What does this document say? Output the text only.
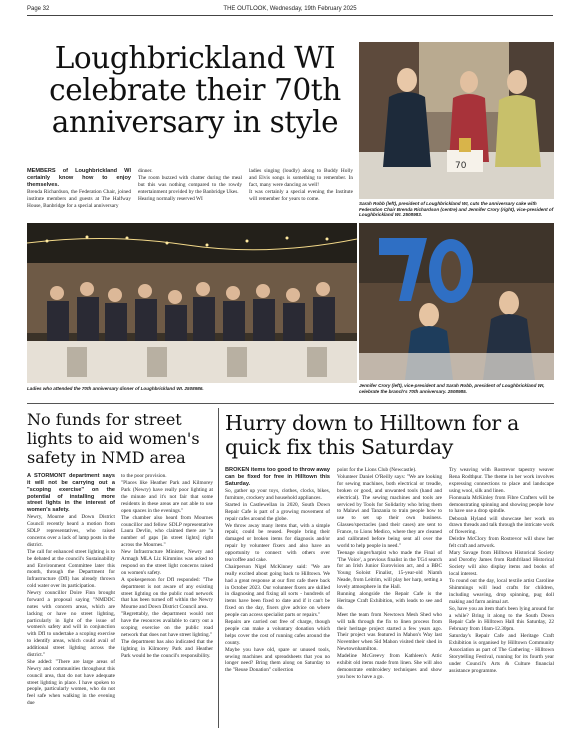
Page 32	THE OUTLOOK, Wednesday, 19th February 2025
Loughbrickland WI celebrate their 70th anniversary in style

MEMBERS of Loughbrickland WI certainly know how to enjoy themselves.

Brenda Richardson, the Federation Chair, joined institute members and guests at The Halfway House, Banbridge for a special anniversary

dinner.

The room buzzed with chatter during the meal but this was nothing compared to the rowdy entertainment provided by the Banbridge Ukes.

Hearing normally reserved WI

ladies singing (loudly) along to Buddy Holly and Elvis songs is something to remember. In fact, many were dancing as well!

It was certainly a special evening the Institute will remember for years to come.

70
Sarah Robb (left), president of Loughbrickland WI, cuts the anniversary cake with Federation Chair Brenda Richardson (centre) and Jennifer Crory (right), vice-president of Loughbrickland WI. 2508983.
Ladies who attended the 70th anniversary dinner of Loughbrickland WI. 2508986.
Jennifer Crory (left), vice-president and Sarah Robb, president of Loughbrickland WI, celebrate the branch's 70th anniversary. 2508985.
No funds for street lights to aid women's safety in NMD area

A STORMONT department says it will not be carrying out a "scoping exercise" on the potential of installing more street lights in the interest of women's safety.

Newry, Mourne and Down District Council recently heard a motion from SDLP representatives, who raised concerns over a lack of lamp posts in the district.

The call for enhanced street lighting is to be debated at the council's Sustainability and Environment Committee later this month, through the Department for Infrastructure (DfI) has already thrown cold water over its participation.

Newry councillor Doire Finn brought forward a proposal saying "NMDDC notes with concern areas, which are lacking or have no street lighting, particularly in light of the issue of women's safety and will in conjunction with DfI to undertake a scoping exercise to identify areas, which could avail of additional street lighting across the district."

She added: "There are large areas of Newry and communities throughout this council area, that do not have adequate street lighting in place. I have spoken to people, particularly women, who do not feel safe when walking in the evening due

to the poor provision.

"Places like Heather Park and Kilmorey Park (Newry) have really poor lighting at the minute and it's not fair that some residents in these areas are not able to use open spaces in the evenings."

The chamber also heard from Mournes councillor and fellow SDLP representative Laura Devlin, who claimed there are "a number of gaps [in street lights] right across the Mournes."

New Infrastructure Minister, Newry and Armagh MLA Liz Kimmins was asked to respond on the street light concerns raised on women's safety.

A spokesperson for DfI responded: "The department is not aware of any existing street lighting on the public road network that has been turned off within the Newry Mourne and Down District Council area.

"Regrettably, the department would not have the resources available to carry out a scoping exercise on the public road network that does not have street lighting."

The department has also indicated that the lighting in Kilmorey Park and Heather Park would be the council's responsibility.

Hurry down to Hilltown for a quick fix this Saturday

BROKEN items too good to throw away can be fixed for free in Hilltown this Saturday.

So, gather up your toys, clothes, clocks, bikes, furniture, crockery and household appliances.

Started in Castlewellan in 2020, South Down Repair Cafe is part of a growing movement of repair cafes around the globe.

We throw away many items that, with a simple repair, could be reused. People bring their damaged or broken items for diagnosis and/or repair by volunteer fixers and also have an opportunity to connect with others over tea/coffee and cake.

Chairperson Nigel McKinney said: "We are really excited about going back to Hilltown. We had a great response at our first cafe there back in October 2023. Our volunteer fixers are skilled in diagnosing and fixing all sorts - hundreds of items have been fixed to date and if it can't be fixed on the day, fixers give advice on where people can access specialist parts or repairs."

Repairs are carried out free of charge, though people can make a voluntary donation which helps cover the cost of running cafes around the county.

Maybe you have old, spare or unused tools, sewing machines and spreadsheets that you no longer need? Bring them along on Saturday to the "Reuse Donation" collection

point for the Lions Club (Newcastle).

Volunteer Daniel O'Reilly says: "We are looking for sewing machines, both electrical or treadle, broken or good, and unwanted tools (hand and electrical). The sewing machines and tools are serviced by Tools for Solidarity who bring them to Malawi and Tanzania to train people how to use to set up their own business. Glasses/spectacles (and their cases) are sent to France, to Lions Medico, where they are cleaned and calibrated before being sent all over the world to help people in need."

Teenage singer/harpist who made the Final of 'The Voice', a previous finalist in the TG4 search for an Irish Junior Eurovision act, and a BBC Young Soloist Finalist, 15-year-old Niamh Neade, from Leitrim, will play her harp, setting a lovely atmosphere in the Hall.

Running alongside the Repair Cafe is the Heritage Craft Exhibition, with leads to see and do.

Meet the team from Newtown Mesh Shed who will talk through the fix to linen process from their heritage project started a few years ago. Their project was featured in Mahon's Way last November when Sid Mahon visited their shed in Newtownhamilton.

Madeline McGreevy from Kathleen's Attic exhibit old items made from linen. She will also demonstrate embroidery techniques and show you how to have a go.

Try weaving with Rostrevor tapestry weaver Rena Rodthpur. The theme in her work involves expressing connections to place and landscape using wool, silk and linen.

Fionnuala McKinley from Fibre Crafters will be demonstrating spinning and showing people how to have use a drop spindle.

Deborah Hyland will showcase her work on drawn threads and talk through the intricate work of flowering.

Deirdre McClory from Rostrevor will show her felt craft and artwork.

Mary Savage from Hilltown Historical Society and Dorothy James from Rathfriland Historical Society will also display items and books of local interest.

To round out the day, local textile artist Caroline Shimmings will lead crafts for children, including weaving, drop spinning, pug doll making and farm animal art.

So, have you an item that's been lying around for a while? Bring it along to the South Down Repair Cafe in Hilltown Hall this Saturday, 22 February from 10am-12.30pm.

Saturday's Repair Cafe and Heritage Craft Exhibition is organised by Hilltown Community Association as part of The Gathering - Hilltown Storytelling Festival, running for its fourth year under Council's Arts & Culture financial assistance programme.
